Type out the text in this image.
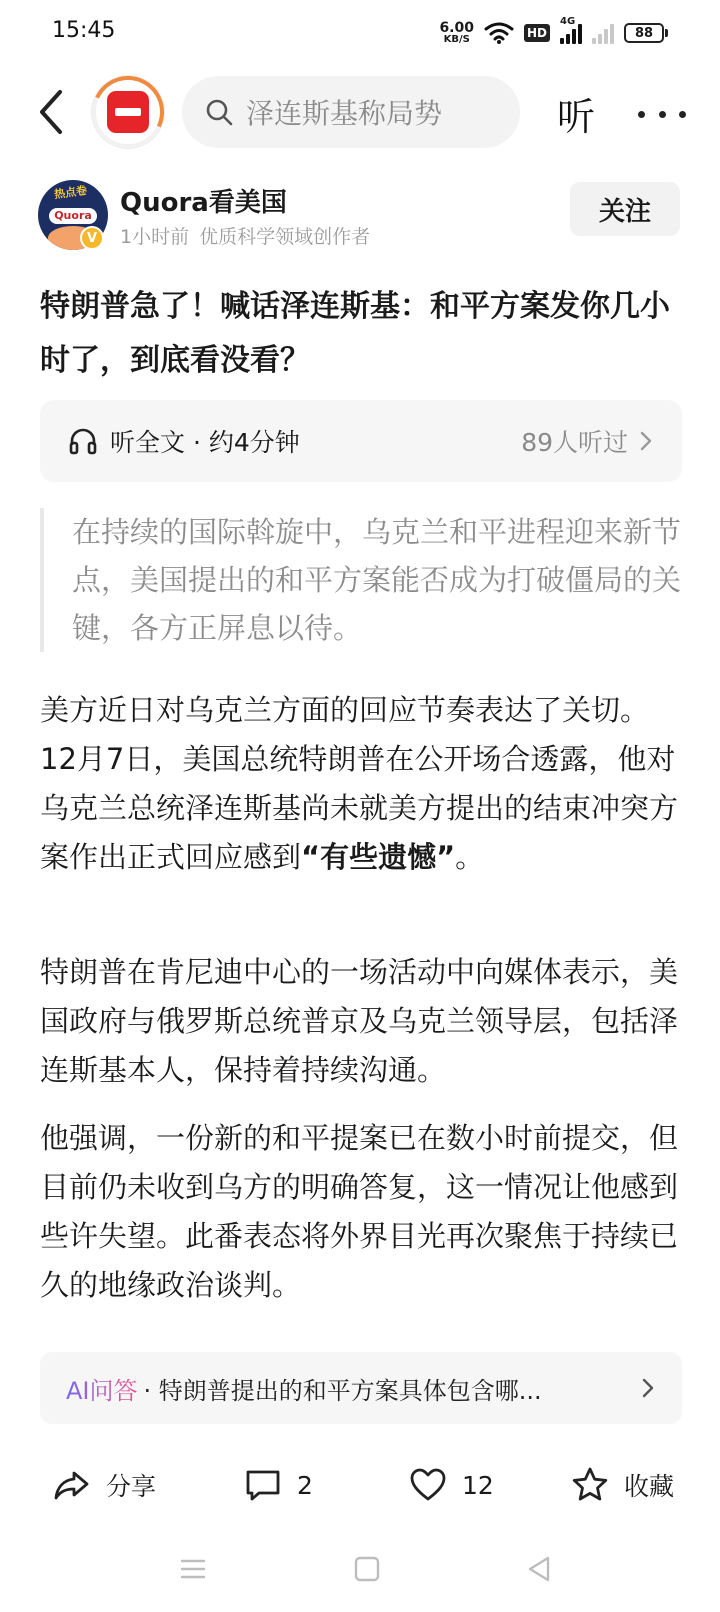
15:45	6.00
KB/S	HD
4G
88
泽连斯基称局势	听
热点卷
Quora
V
Quora看美国
1小时前 优质科学领域创作者
关注
特朗普急了！喊话泽连斯基：和平方案发你几小时了，到底看没看？
听全文 · 约4分钟	89人听过
在持续的国际斡旋中，乌克兰和平进程迎来新节点，美国提出的和平方案能否成为打破僵局的关键，各方正屏息以待。

美方近日对乌克兰方面的回应节奏表达了关切。12月7日，美国总统特朗普在公开场合透露，他对乌克兰总统泽连斯基尚未就美方提出的结束冲突方案作出正式回应感到“有些遗憾”。

特朗普在肯尼迪中心的一场活动中向媒体表示，美国政府与俄罗斯总统普京及乌克兰领导层，包括泽连斯基本人，保持着持续沟通。

他强调，一份新的和平提案已在数小时前提交，但目前仍未收到乌方的明确答复，这一情况让他感到些许失望。此番表态将外界目光再次聚焦于持续已久的地缘政治谈判。

AI问答 · 特朗普提出的和平方案具体包含哪...
分享	2	12	收藏
